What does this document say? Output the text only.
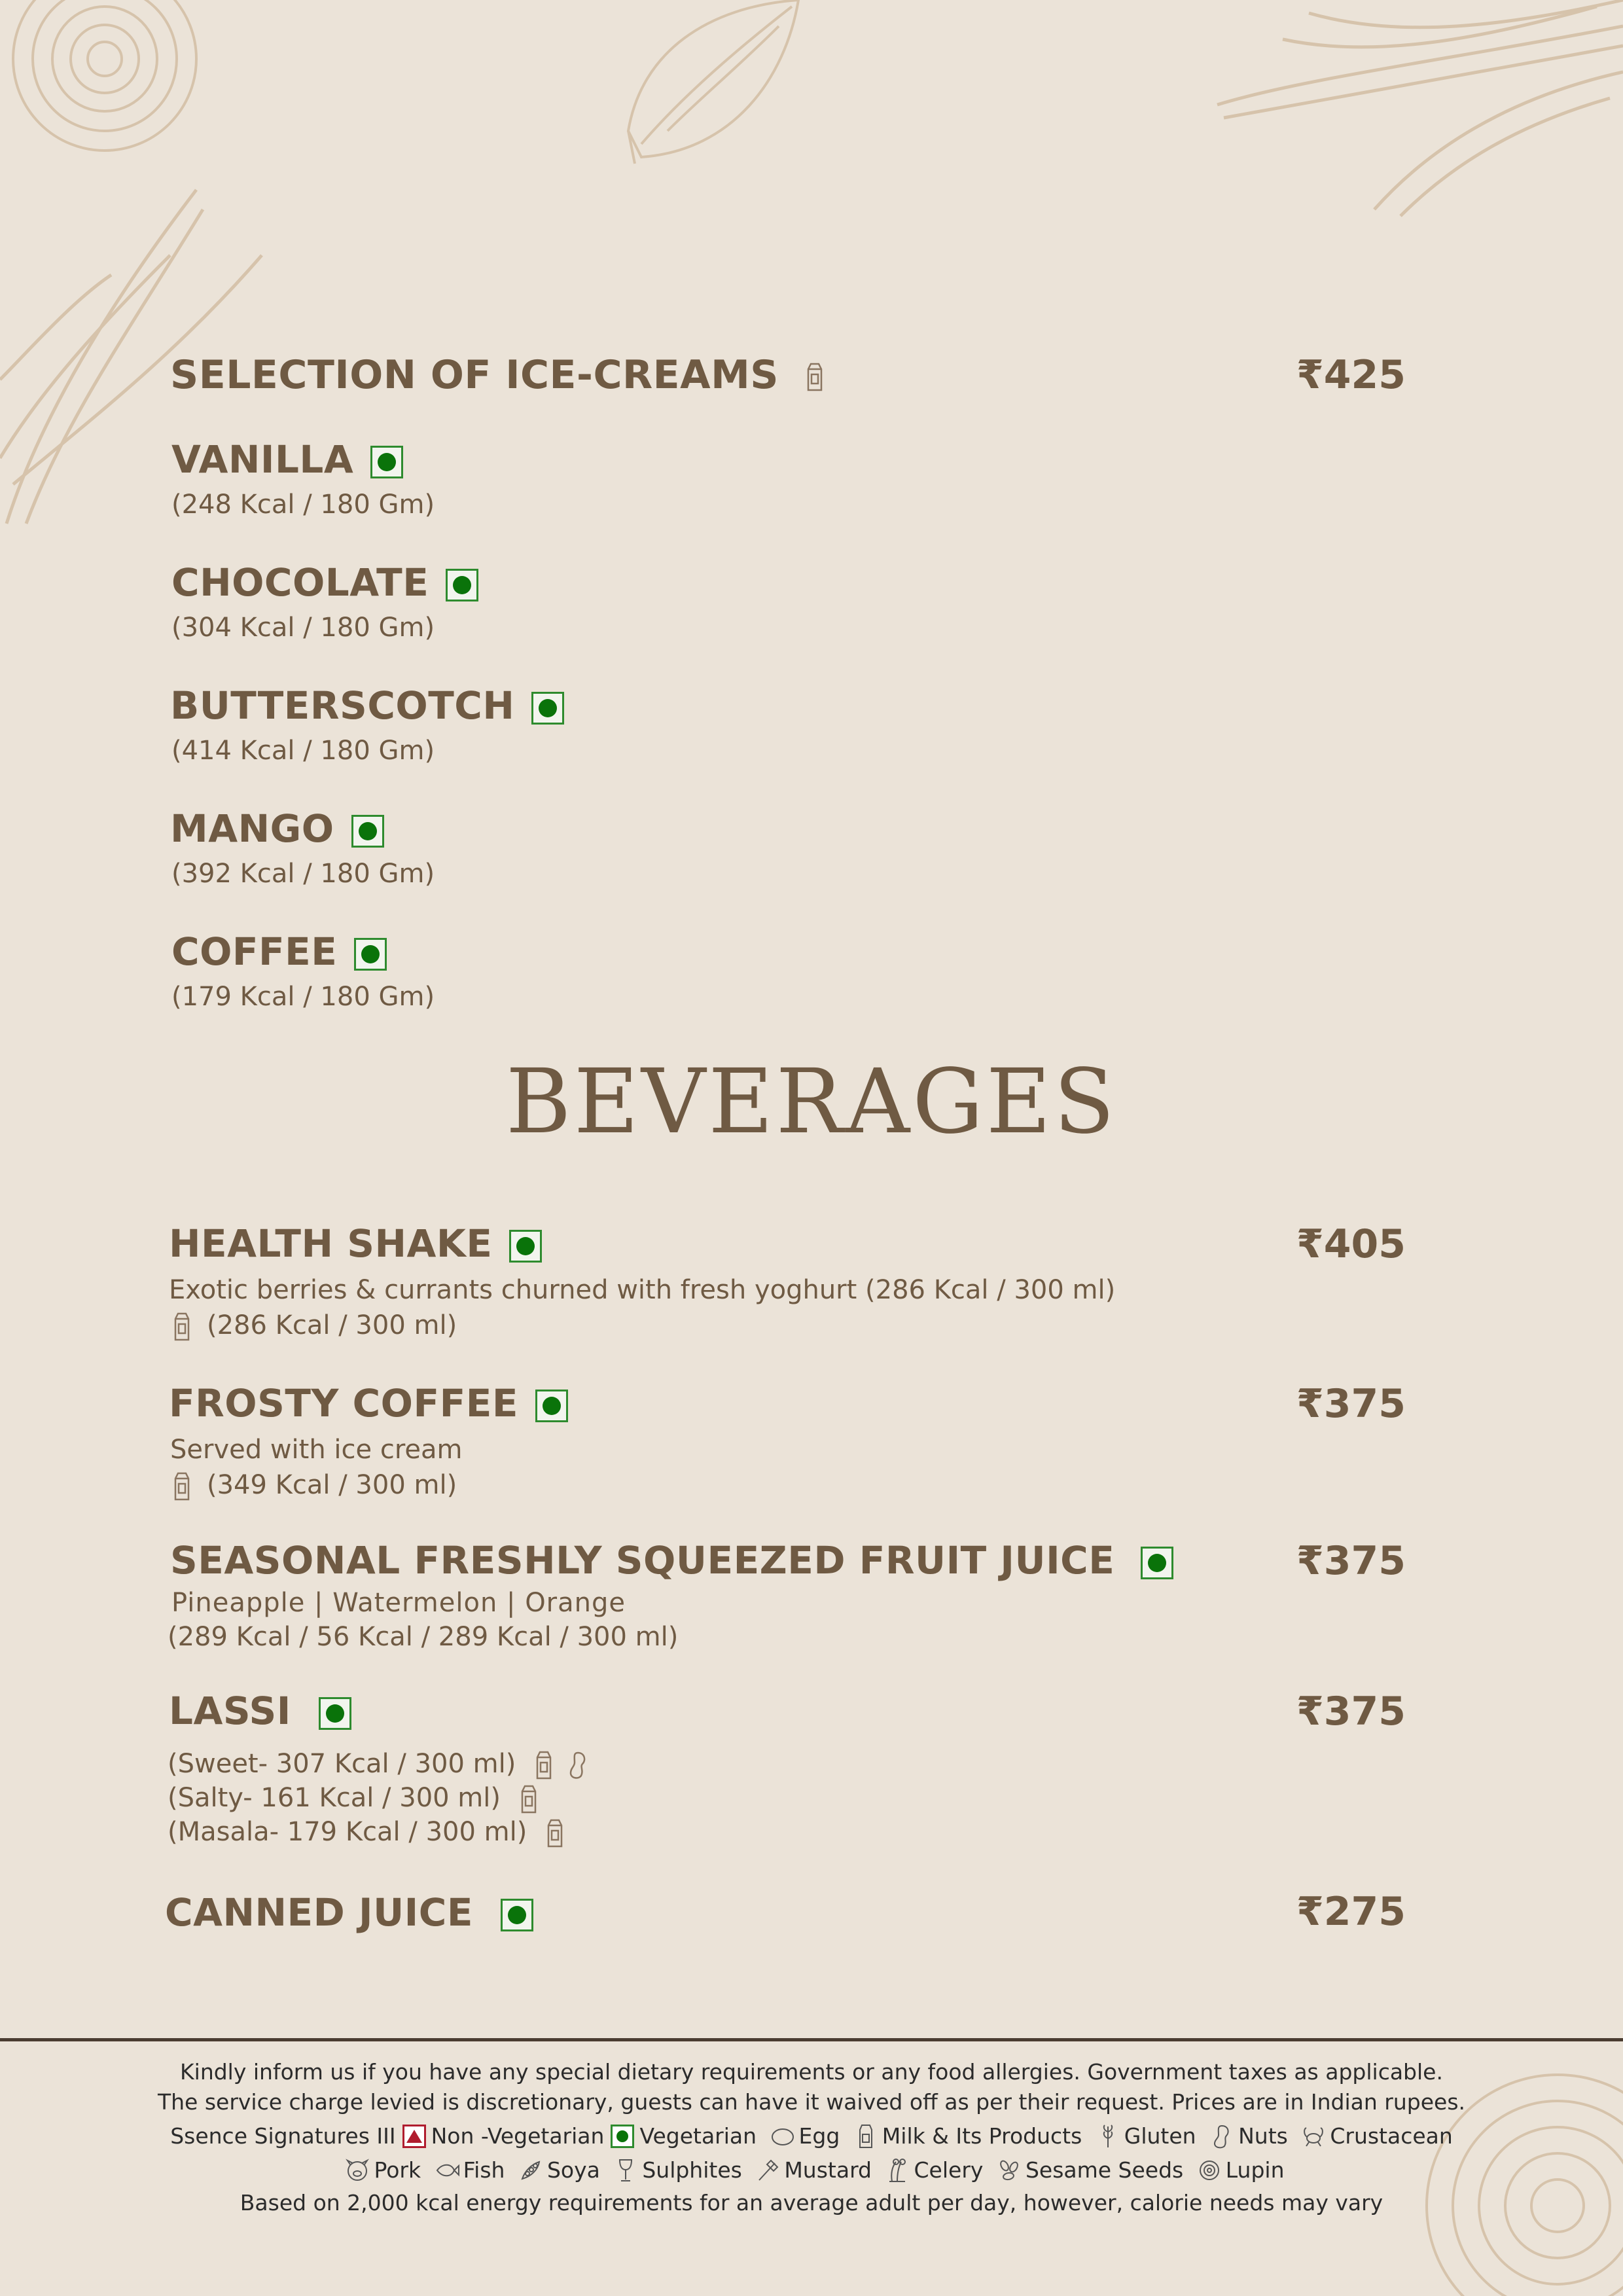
SELECTION OF ICE-CREAMS	₹425
VANILLA
(248 Kcal / 180 Gm)
CHOCOLATE
(304 Kcal / 180 Gm)
BUTTERSCOTCH
(414 Kcal / 180 Gm)
MANGO
(392 Kcal / 180 Gm)
COFFEE
(179 Kcal / 180 Gm)
BEVERAGES
HEALTH SHAKE	₹405
Exotic berries & currants churned with fresh yoghurt (286 Kcal / 300 ml)
(286 Kcal / 300 ml)
FROSTY COFFEE	₹375
Served with ice cream
(349 Kcal / 300 ml)
SEASONAL FRESHLY SQUEEZED FRUIT JUICE	₹375
Pineapple | Watermelon | Orange
(289 Kcal / 56 Kcal / 289 Kcal / 300 ml)
LASSI	₹375
(Sweet- 307 Kcal / 300 ml)
(Salty- 161 Kcal / 300 ml)
(Masala- 179 Kcal / 300 ml)
CANNED JUICE	₹275
Kindly inform us if you have any special dietary requirements or any food allergies. Government taxes as applicable.
The service charge levied is discretionary, guests can have it waived off as per their request. Prices are in Indian rupees.
Ssence Signatures III Non -Vegetarian Vegetarian Egg Milk & Its Products Gluten Nuts Crustacean
Pork Fish Soya Sulphites Mustard Celery Sesame Seeds Lupin
Based on 2,000 kcal energy requirements for an average adult per day, however, calorie needs may vary
